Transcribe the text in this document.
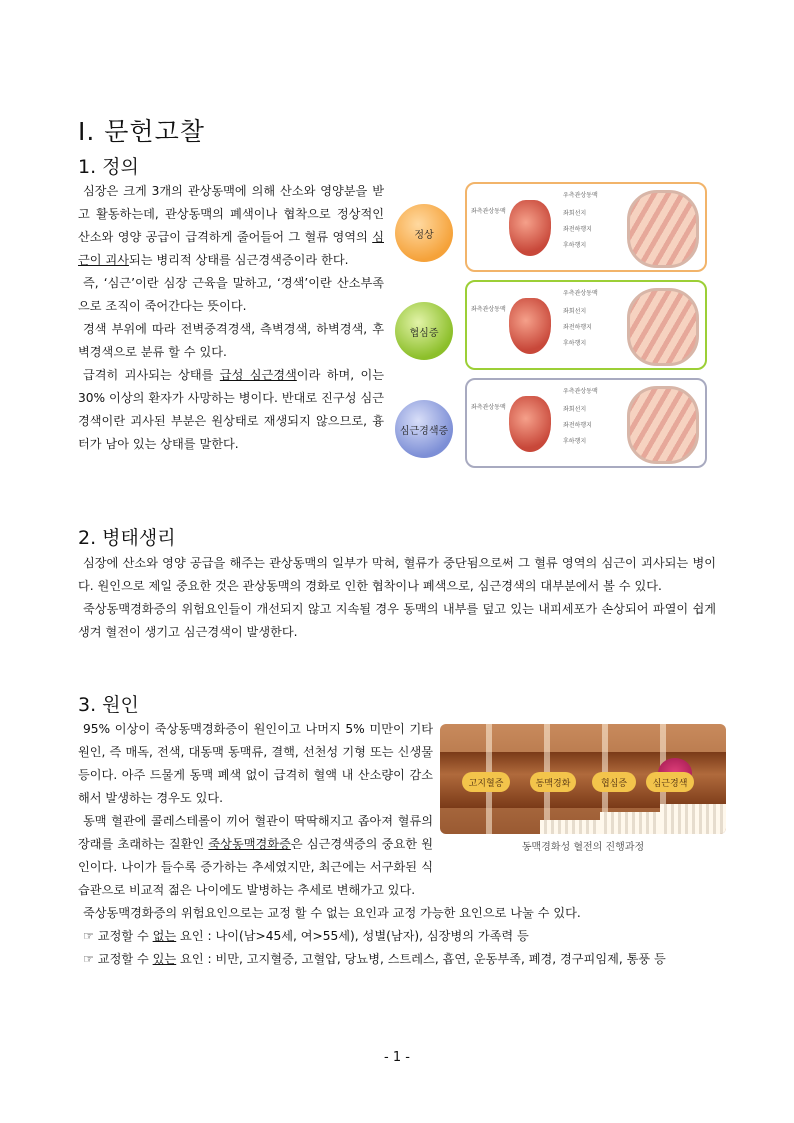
Ⅰ. 문헌고찰
1. 정의

심장은 크게 3개의 관상동맥에 의해 산소와 영양분을 받고 활동하는데, 관상동맥의 폐색이나 협착으로 정상적인 산소와 영양 공급이 급격하게 줄어들어 그 혈류 영역의 심근이 괴사되는 병리적 상태를 심근경색증이라 한다.

즉, ‘심근’이란 심장 근육을 말하고, ‘경색’이란 산소부족으로 조직이 죽어간다는 뜻이다.

경색 부위에 따라 전벽중격경색, 측벽경색, 하벽경색, 후벽경색으로 분류 할 수 있다.

급격히 괴사되는 상태를 급성 심근경색이라 하며, 이는 30% 이상의 환자가 사망하는 병이다. 반대로 진구성 심근경색이란 괴사된 부분은 원상태로 재생되지 않으므로, 흉터가 남아 있는 상태를 말한다.

정상
좌측관상동맥
우측관상동맥
좌회선지
좌전하행지
후하행지
협심증
좌측관상동맥
우측관상동맥
좌회선지
좌전하행지
후하행지
심근경색증
좌측관상동맥
우측관상동맥
좌회선지
좌전하행지
후하행지
2. 병태생리

심장에 산소와 영양 공급을 해주는 관상동맥의 일부가 막혀, 혈류가 중단됨으로써 그 혈류 영역의 심근이 괴사되는 병이다. 원인으로 제일 중요한 것은 관상동맥의 경화로 인한 협착이나 폐색으로, 심근경색의 대부분에서 볼 수 있다.

죽상동맥경화증의 위험요인들이 개선되지 않고 지속될 경우 동맥의 내부를 덮고 있는 내피세포가 손상되어 파열이 쉽게 생겨 혈전이 생기고 심근경색이 발생한다.

3. 원인

95% 이상이 죽상동맥경화증이 원인이고 나머지 5% 미만이 기타원인, 즉 매독, 전색, 대동맥 동맥류, 결핵, 선천성 기형 또는 신생물 등이다. 아주 드물게 동맥 폐색 없이 급격히 혈액 내 산소량이 감소해서 발생하는 경우도 있다.

동맥 혈관에 콜레스테롤이 끼어 혈관이 딱딱해지고 좁아져 혈류의 장래를 초래하는 질환인 죽상동맥경화증은 심근경색증의 중요한 원인이다. 나이가 들수록 증가하는 추세였지만, 최근에는 서구화된 식습관으로 비교적 젊은 나이에도 발병하는 추세로 변해가고 있다.

고지혈증	동맥경화	협심증	심근경색
동맥경화성 혈전의 진행과정

죽상동맥경화증의 위험요인으로는 교정 할 수 없는 요인과 교정 가능한 요인으로 나눌 수 있다.

☞ 교정할 수 없는 요인 : 나이(남>45세, 여>55세), 성별(남자), 심장병의 가족력 등

☞ 교정할 수 있는 요인 : 비만, 고지혈증, 고혈압, 당뇨병, 스트레스, 흡연, 운동부족, 폐경, 경구피임제, 통풍 등

- 1 -
